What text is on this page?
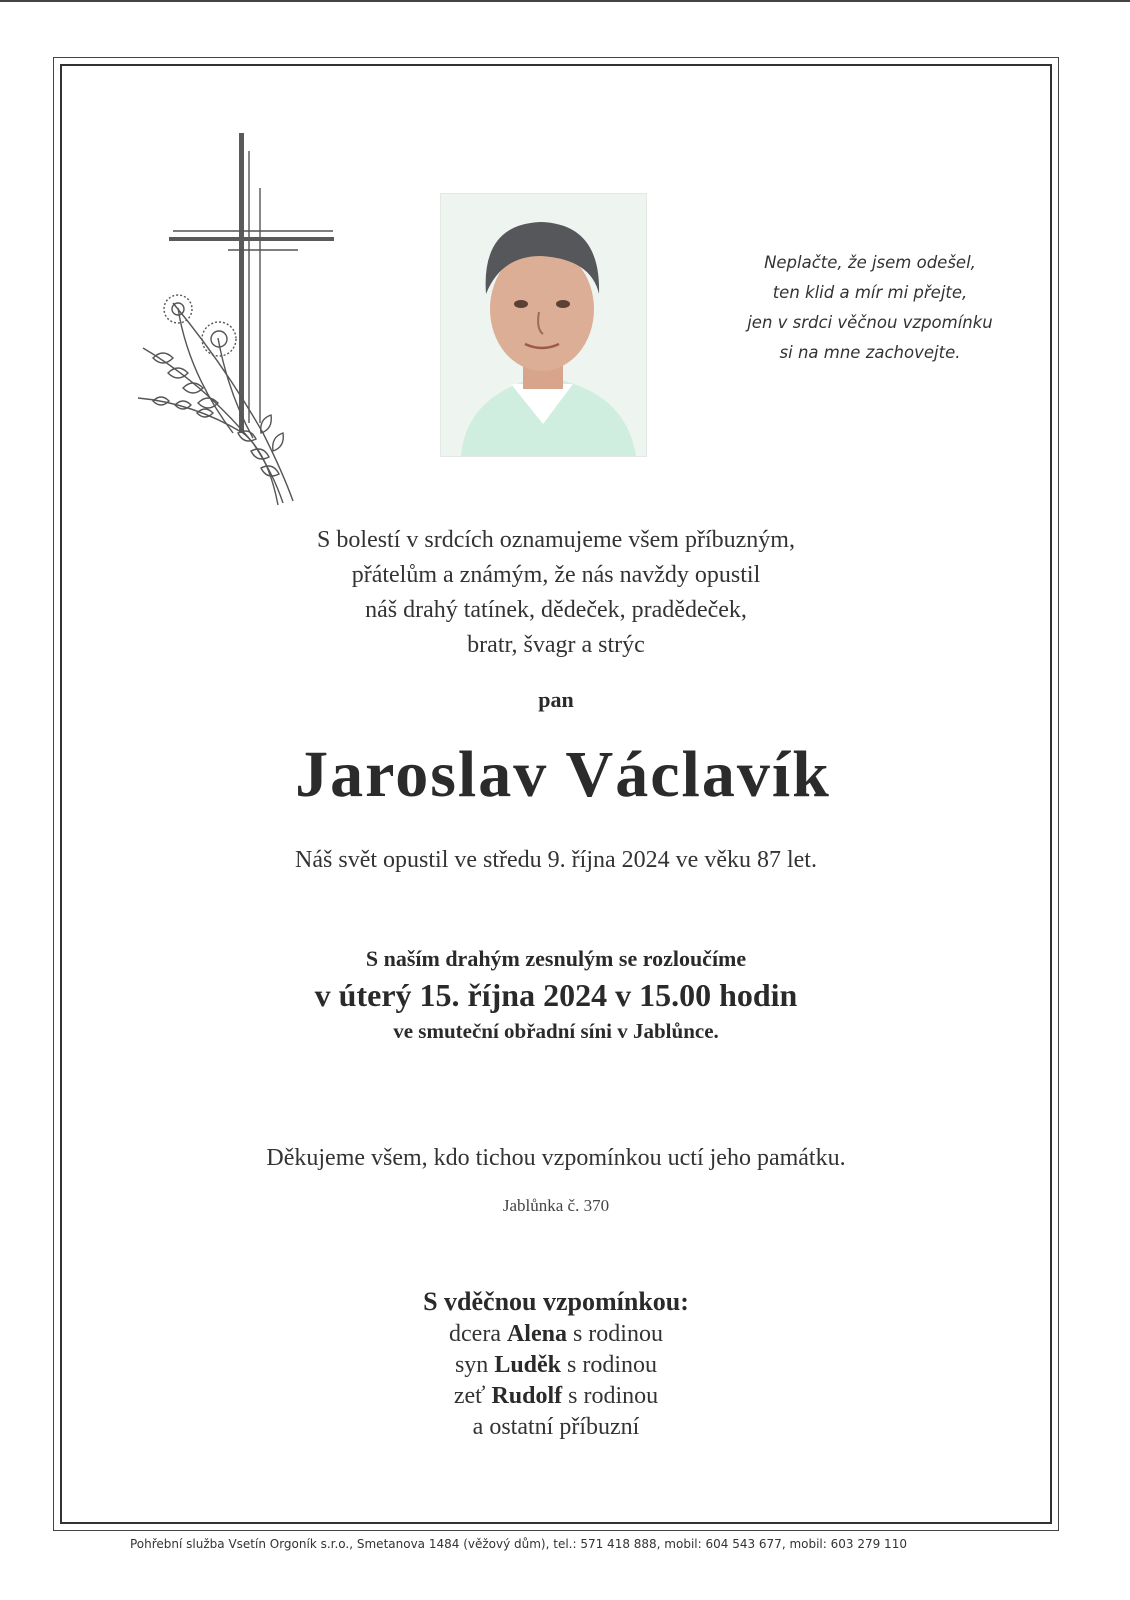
Neplačte, že jsem odešel,
ten klid a mír mi přejte,
jen v srdci věčnou vzpomínku
si na mne zachovejte.
S bolestí v srdcích oznamujeme všem příbuzným,
přátelům a známým, že nás navždy opustil
náš drahý tatínek, dědeček, pradědeček,
bratr, švagr a strýc
pan
Jaroslav Václavík
Náš svět opustil ve středu 9. října 2024 ve věku 87 let.
S naším drahým zesnulým se rozloučíme
v úterý 15. října 2024 v 15.00 hodin
ve smuteční obřadní síni v Jablůnce.
Děkujeme všem, kdo tichou vzpomínkou uctí jeho památku.
Jablůnka č. 370
S vděčnou vzpomínkou:
dcera Alena s rodinou
syn Luděk s rodinou
zeť Rudolf s rodinou
a ostatní příbuzní
Pohřební služba Vsetín Orgoník s.r.o., Smetanova 1484 (věžový dům), tel.: 571 418 888, mobil: 604 543 677, mobil: 603 279 110
